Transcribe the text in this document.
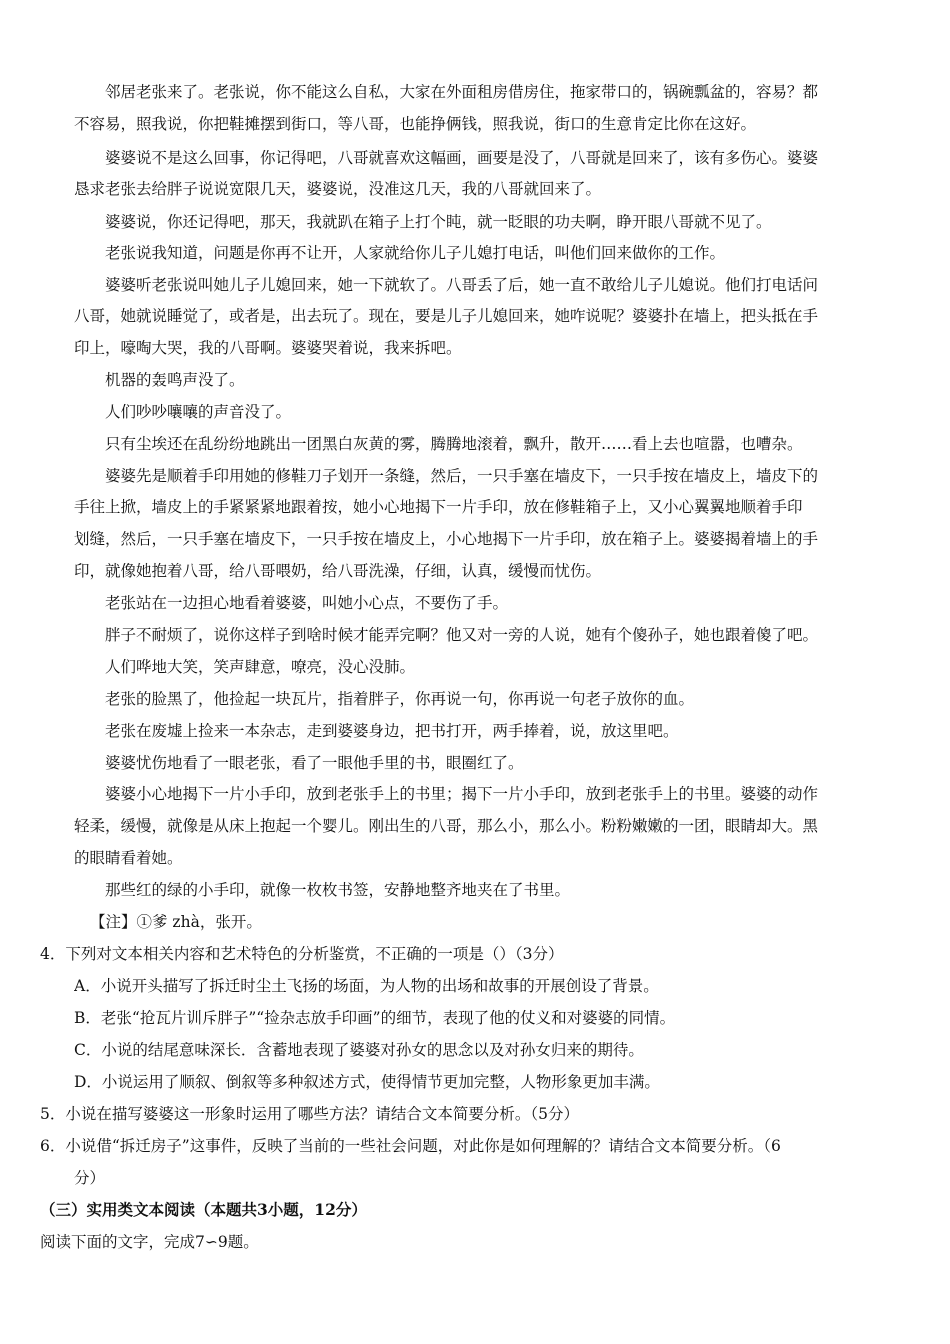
邻居老张来了。老张说，你不能这么自私，大家在外面租房借房住，拖家带口的，锅碗瓢盆的，容易？都
不容易，照我说，你把鞋摊摆到街口，等八哥，也能挣俩钱，照我说，街口的生意肯定比你在这好。
婆婆说不是这么回事，你记得吧，八哥就喜欢这幅画，画要是没了，八哥就是回来了，该有多伤心。婆婆
恳求老张去给胖子说说宽限几天，婆婆说，没准这几天，我的八哥就回来了。
婆婆说，你还记得吧，那天，我就趴在箱子上打个盹，就一眨眼的功夫啊，睁开眼八哥就不见了。
老张说我知道，问题是你再不让开，人家就给你儿子儿媳打电话，叫他们回来做你的工作。
婆婆听老张说叫她儿子儿媳回来，她一下就软了。八哥丢了后，她一直不敢给儿子儿媳说。他们打电话问
八哥，她就说睡觉了，或者是，出去玩了。现在，要是儿子儿媳回来，她咋说呢？婆婆扑在墙上，把头抵在手
印上，嚎啕大哭，我的八哥啊。婆婆哭着说，我来拆吧。
机器的轰鸣声没了。
人们吵吵嚷嚷的声音没了。
只有尘埃还在乱纷纷地跳出一团黑白灰黄的雾，腾腾地滚着，飘升，散开……看上去也喧嚣，也嘈杂。
婆婆先是顺着手印用她的修鞋刀子划开一条缝，然后，一只手塞在墙皮下，一只手按在墙皮上，墙皮下的
手往上掀，墙皮上的手紧紧紧地跟着按，她小心地揭下一片手印，放在修鞋箱子上，又小心翼翼地顺着手印
划缝，然后，一只手塞在墙皮下，一只手按在墙皮上，小心地揭下一片手印，放在箱子上。婆婆揭着墙上的手
印，就像她抱着八哥，给八哥喂奶，给八哥洗澡，仔细，认真，缓慢而忧伤。
老张站在一边担心地看着婆婆，叫她小心点，不要伤了手。
胖子不耐烦了，说你这样子到啥时候才能弄完啊？他又对一旁的人说，她有个傻孙子，她也跟着傻了吧。
人们哗地大笑，笑声肆意，嘹亮，没心没肺。
老张的脸黑了，他捡起一块瓦片，指着胖子，你再说一句，你再说一句老子放你的血。
老张在废墟上捡来一本杂志，走到婆婆身边，把书打开，两手捧着，说，放这里吧。
婆婆忧伤地看了一眼老张，看了一眼他手里的书，眼圈红了。
婆婆小心地揭下一片小手印，放到老张手上的书里；揭下一片小手印，放到老张手上的书里。婆婆的动作
轻柔，缓慢，就像是从床上抱起一个婴儿。刚出生的八哥，那么小，那么小。粉粉嫩嫩的一团，眼睛却大。黑
的眼睛看着她。
那些红的绿的小手印，就像一枚枚书签，安静地整齐地夹在了书里。
【注】①爹 zhà，张开。
4．下列对文本相关内容和艺术特色的分析鉴赏，不正确的一项是（）（3分）
A．小说开头描写了拆迁时尘土飞扬的场面，为人物的出场和故事的开展创设了背景。
B．老张“抢瓦片训斥胖子”“捡杂志放手印画”的细节，表现了他的仗义和对婆婆的同情。
C．小说的结尾意味深长．含蓄地表现了婆婆对孙女的思念以及对孙女归来的期待。
D．小说运用了顺叙、倒叙等多种叙述方式，使得情节更加完整，人物形象更加丰满。
5．小说在描写婆婆这一形象时运用了哪些方法？请结合文本简要分析。（5分）
6．小说借“拆迁房子”这事件，反映了当前的一些社会问题，对此你是如何理解的？请结合文本简要分析。（6
分）
（三）实用类文本阅读（本题共3小题，12分）
阅读下面的文字，完成7∽9题。
